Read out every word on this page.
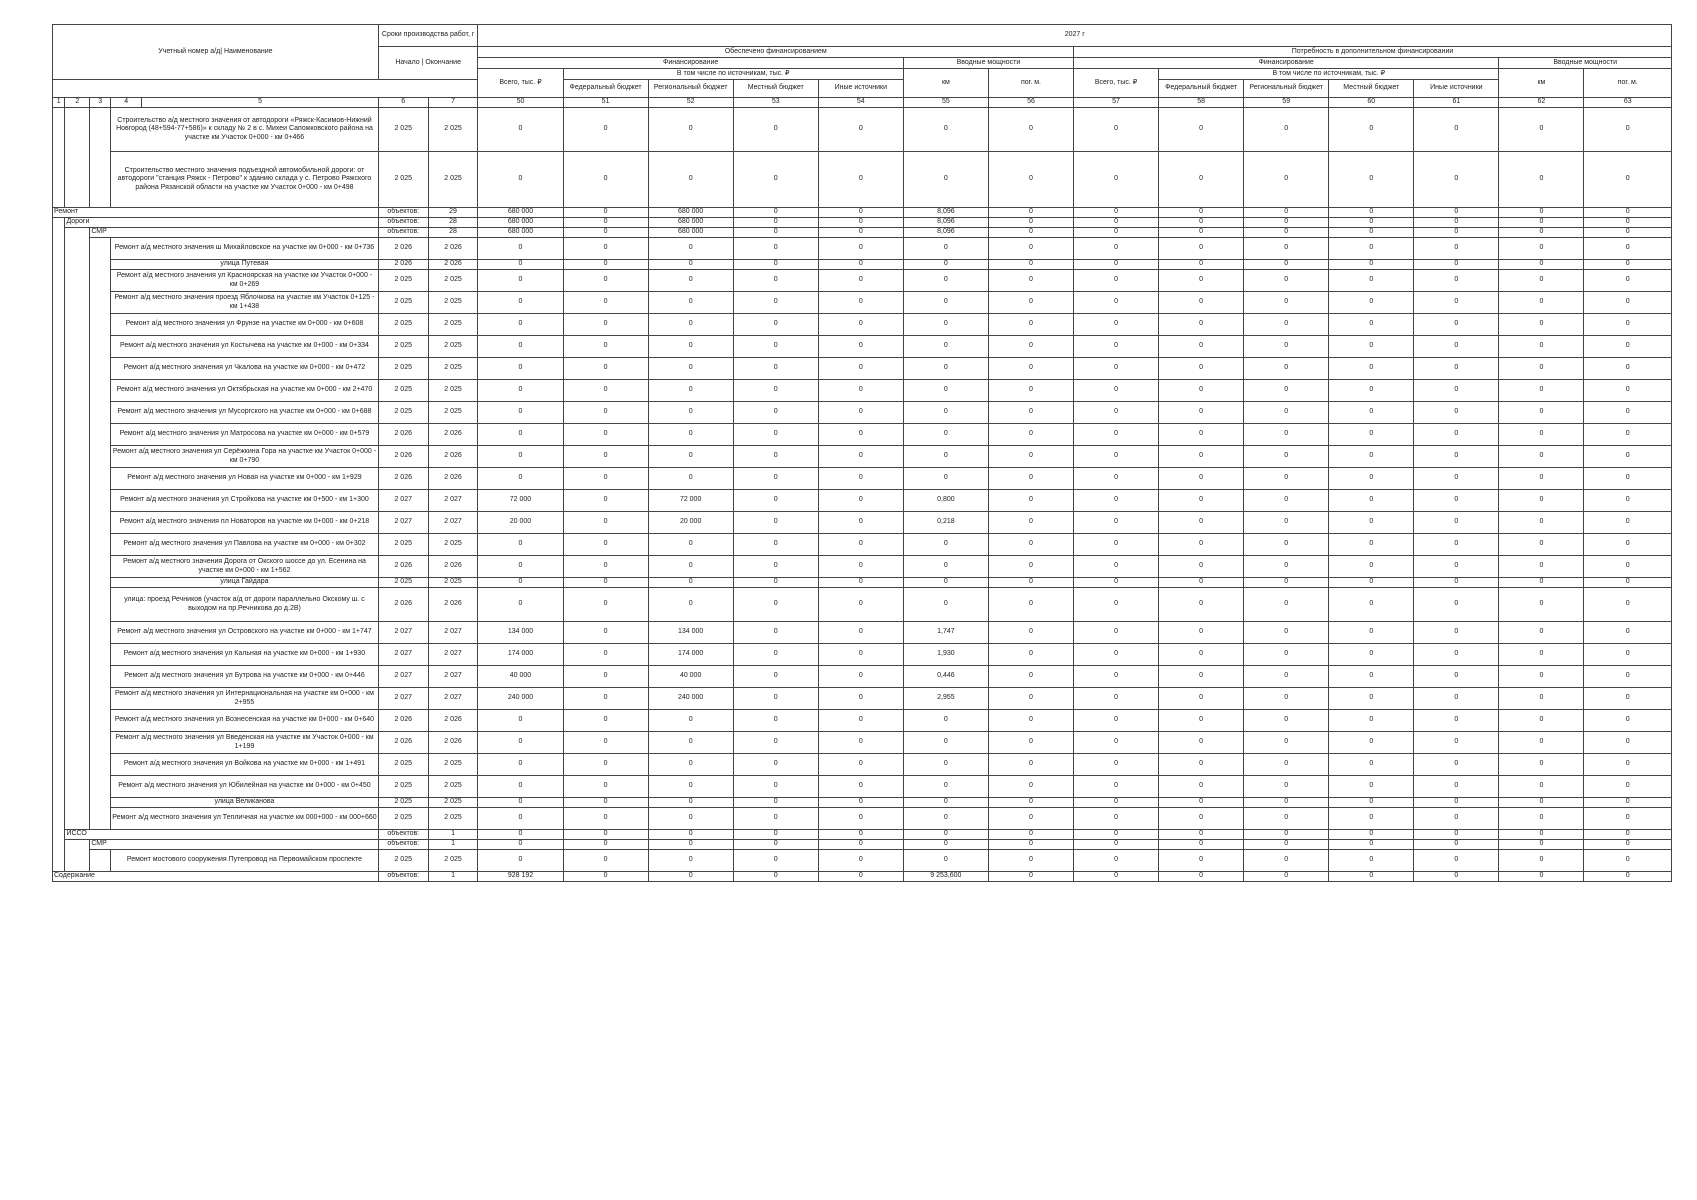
Учетный номер а/д| Наименование					Сроки производства работ, г		2027 г													
					Начало | Окончание		Обеспечено финансированием							Потребность в дополнительном финансировании						
							Финансирование					Вводные мощности		Финансирование					Вводные мощности	
							Всего, тыс. ₽	В том числе по источникам, тыс. ₽				км	пог. м.	Всего, тыс. ₽	В том числе по источникам, тыс. ₽				км	пог. м.
								Федеральный бюджет	Региональный бюджет	Местный бюджет	Иные источники				Федеральный бюджет	Региональный бюджет	Местный бюджет	Иные источники		
1	2	3	4	5	6	7	50	51	52	53	54	55	56	57	58	59	60	61	62	63
			Строительство а/д местного значения от автодороги «Ряжск-Касимов-Нижний Новгород (48+594-77+586)» к складу № 2 в с. Михеи Сапожковского района на участке км Участок 0+000 - км 0+466		2 025	2 025	0	0	0	0	0	0	0	0	0	0	0	0	0	0
			Строительство местного значения подъездной автомобильной дороги: от автодороги "станция Ряжск - Петрово" к зданию склада у с. Петрово Ряжского района Рязанской области на участке км Участок 0+000 - км 0+498		2 025	2 025	0	0	0	0	0	0	0	0	0	0	0	0	0	0
Ремонт					объектов:	29	680 000	0	680 000	0	0	8,096	0	0	0	0	0	0	0	0
	Дороги				объектов:	28	680 000	0	680 000	0	0	8,096	0	0	0	0	0	0	0	0
		СМР			объектов:	28	680 000	0	680 000	0	0	8,096	0	0	0	0	0	0	0	0
			Ремонт а/д местного значения ш Михайловское на участке км 0+000 - км 0+736		2 026	2 026	0	0	0	0	0	0	0	0	0	0	0	0	0	0
			улица Путевая		2 026	2 026	0	0	0	0	0	0	0	0	0	0	0	0	0	0
			Ремонт а/д местного значения ул Красноярская на участке км Участок 0+000 - км 0+269		2 025	2 025	0	0	0	0	0	0	0	0	0	0	0	0	0	0
			Ремонт а/д местного значения проезд Яблочкова на участке км Участок 0+125 - км 1+438		2 025	2 025	0	0	0	0	0	0	0	0	0	0	0	0	0	0
			Ремонт а/д местного значения ул Фрунзе на участке км 0+000 - км 0+608		2 025	2 025	0	0	0	0	0	0	0	0	0	0	0	0	0	0
			Ремонт а/д местного значения ул Костычева на участке км 0+000 - км 0+334		2 025	2 025	0	0	0	0	0	0	0	0	0	0	0	0	0	0
			Ремонт а/д местного значения ул Чкалова на участке км 0+000 - км 0+472		2 025	2 025	0	0	0	0	0	0	0	0	0	0	0	0	0	0
			Ремонт а/д местного значения ул Октябрьская на участке км 0+000 - км 2+470		2 025	2 025	0	0	0	0	0	0	0	0	0	0	0	0	0	0
			Ремонт а/д местного значения ул Мусоргского на участке км 0+000 - км 0+688		2 025	2 025	0	0	0	0	0	0	0	0	0	0	0	0	0	0
			Ремонт а/д местного значения ул Матросова на участке км 0+000 - км 0+579		2 026	2 026	0	0	0	0	0	0	0	0	0	0	0	0	0	0
			Ремонт а/д местного значения ул Серёжкина Гора на участке км Участок 0+000 - км 0+790		2 026	2 026	0	0	0	0	0	0	0	0	0	0	0	0	0	0
			Ремонт а/д местного значения ул Новая на участке км 0+000 - км 1+929		2 026	2 026	0	0	0	0	0	0	0	0	0	0	0	0	0	0
			Ремонт а/д местного значения ул Стройкова на участке км 0+500 - км 1+300		2 027	2 027	72 000	0	72 000	0	0	0,800	0	0	0	0	0	0	0	0
			Ремонт а/д местного значения пл Новаторов на участке км 0+000 - км 0+218		2 027	2 027	20 000	0	20 000	0	0	0,218	0	0	0	0	0	0	0	0
			Ремонт а/д местного значения ул Павлова на участке км 0+000 - км 0+302		2 025	2 025	0	0	0	0	0	0	0	0	0	0	0	0	0	0
			Ремонт а/д местного значения Дорога от Окского шоссе до ул. Есенина на участке км 0+000 - км 1+562		2 026	2 026	0	0	0	0	0	0	0	0	0	0	0	0	0	0
			улица Гайдара		2 025	2 025	0	0	0	0	0	0	0	0	0	0	0	0	0	0
			улица: проезд Речников (участок а/д от дороги параллельно Окскому ш. с выходом на пр.Речникова до д.2В)		2 026	2 026	0	0	0	0	0	0	0	0	0	0	0	0	0	0
			Ремонт а/д местного значения ул Островского на участке км 0+000 - км 1+747		2 027	2 027	134 000	0	134 000	0	0	1,747	0	0	0	0	0	0	0	0
			Ремонт а/д местного значения ул Кальная на участке км 0+000 - км 1+930		2 027	2 027	174 000	0	174 000	0	0	1,930	0	0	0	0	0	0	0	0
			Ремонт а/д местного значения ул Бутрова на участке км 0+000 - км 0+446		2 027	2 027	40 000	0	40 000	0	0	0,446	0	0	0	0	0	0	0	0
			Ремонт а/д местного значения ул Интернациональная на участке км 0+000 - км 2+955		2 027	2 027	240 000	0	240 000	0	0	2,955	0	0	0	0	0	0	0	0
			Ремонт а/д местного значения ул Вознесенская на участке км 0+000 - км 0+640		2 026	2 026	0	0	0	0	0	0	0	0	0	0	0	0	0	0
			Ремонт а/д местного значения ул Введенская на участке км Участок 0+000 - км 1+199		2 026	2 026	0	0	0	0	0	0	0	0	0	0	0	0	0	0
			Ремонт а/д местного значения ул Войкова на участке км 0+000 - км 1+491		2 025	2 025	0	0	0	0	0	0	0	0	0	0	0	0	0	0
			Ремонт а/д местного значения ул Юбилейная на участке км 0+000 - км 0+450		2 025	2 025	0	0	0	0	0	0	0	0	0	0	0	0	0	0
			улица Великанова		2 025	2 025	0	0	0	0	0	0	0	0	0	0	0	0	0	0
			Ремонт а/д местного значения ул Тепличная на участке км 000+000 - км 000+660		2 025	2 025	0	0	0	0	0	0	0	0	0	0	0	0	0	0
	ИССО				объектов:	1	0	0	0	0	0	0	0	0	0	0	0	0	0	0
		СМР			объектов:	1	0	0	0	0	0	0	0	0	0	0	0	0	0	0
			Ремонт мостового сооружения Путепровод на Первомайском проспекте		2 025	2 025	0	0	0	0	0	0	0	0	0	0	0	0	0	0
Содержание					объектов:	1	928 192	0	0	0	0	9 253,600	0	0	0	0	0	0	0	0
